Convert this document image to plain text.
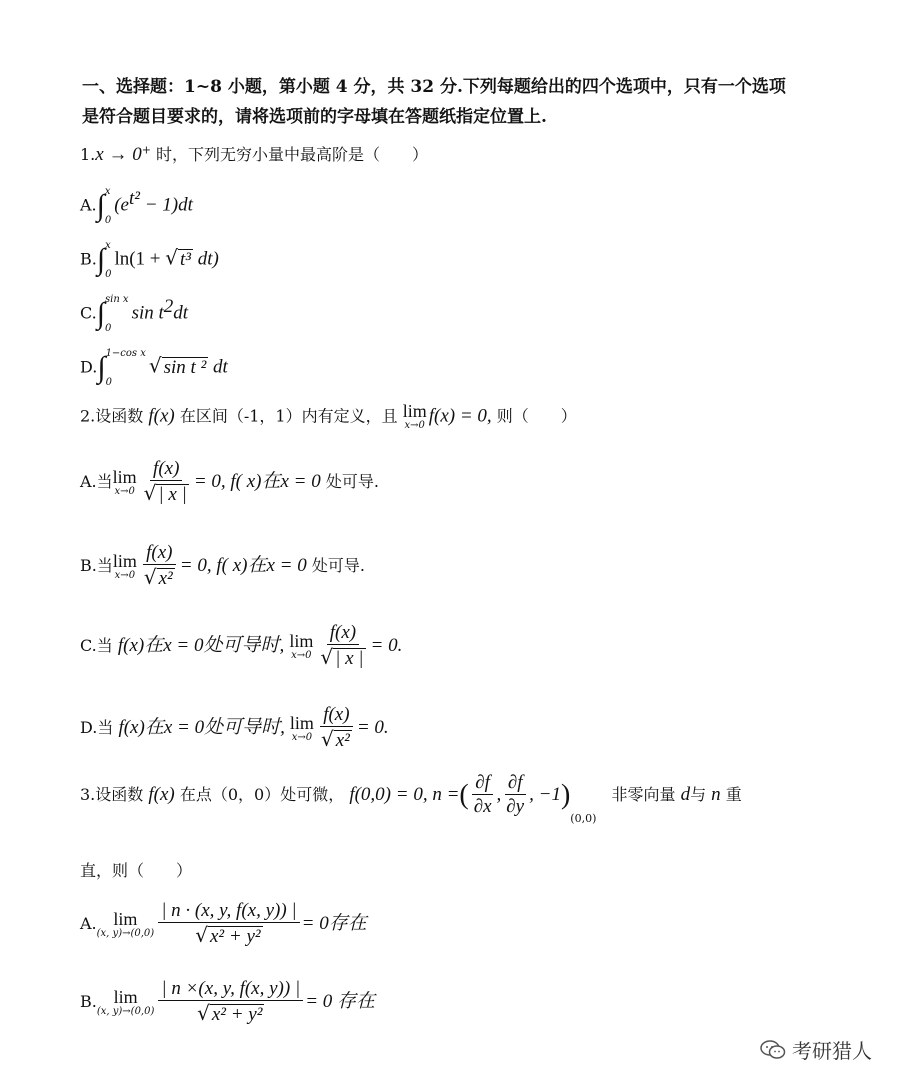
一、选择题：1~8 小题，第小题 4 分，共 32 分.下列每题给出的四个选项中，只有一个选项
是符合题目要求的，请将选项前的字母填在答题纸指定位置上.
1.x → 0+ 时，下列无穷小量中最高阶是（　　）
A.∫ x
0
$(e^{t^2} - 1)dt$
B.∫ x
0
ln(1 + √ t³ dt)
C.∫ sin x
0
$\sin t^2dt$
D.∫ 1−cos x
0
√ sin t ² dt
2.设函数 f(x) 在区间（-1，1）内有定义，且 lim
x→0 f(x) = 0, 则（　　）
A.当 lim
$x\to 0 \frac{f(x)}{√ | x |} = 0$, f( x)在x = 0 处可导.
B.当 lim
$x\to 0 \frac{f(x)}{\text{√ x²}} = 0$, f( x)在x = 0 处可导.
C.当 f(x)在x = 0处可导时, lim
$x\to 0 \frac{f(x)}{√ | x |} = 0$.
D.当 f(x)在x = 0处可导时, lim
$x\to 0 \frac{f(x)}{\text{√ x²}} = 0$.
3.设函数 f(x) 在点（0，0）处可微， f(0,0) = 0, n =( $\frac{\partial f}{\partial x}$ , $\frac{\partial f}{\partial y}$ , $-1)_{(0,0)}$ 非零向量 d与 n 重
直，则（　　）
A. lim
(x, $y)\to(0,0) \frac{| n \cdot (x, y, f(x, y)) |}{\text{√ x² + y²}} = 0$存在
B. lim
(x, $y)\to(0,0) \frac{| n \times(x, y, f(x, y)) |}{\text{√ x² + y²}} = 0$ 存在
考研猎人
